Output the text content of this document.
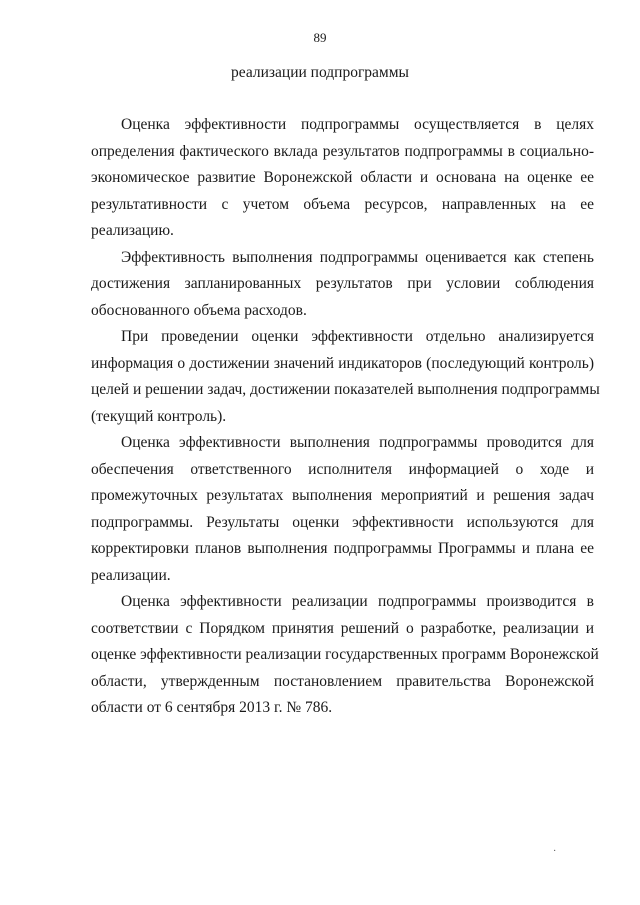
89
реализации подпрограммы

Оценка эффективности подпрограммы осуществляется в целях
определения фактического вклада результатов подпрограммы в социально-
экономическое развитие Воронежской области и основана на оценке ее
результативности с учетом объема ресурсов, направленных на ее
реализацию.

Эффективность выполнения подпрограммы оценивается как степень
достижения запланированных результатов при условии соблюдения
обоснованного объема расходов.

При проведении оценки эффективности отдельно анализируется
информация о достижении значений индикаторов (последующий контроль)
целей и решении задач, достижении показателей выполнения подпрограммы
(текущий контроль).

Оценка эффективности выполнения подпрограммы проводится для
обеспечения ответственного исполнителя информацией о ходе и
промежуточных результатах выполнения мероприятий и решения задач
подпрограммы. Результаты оценки эффективности используются для
корректировки планов выполнения подпрограммы Программы и плана ее
реализации.

Оценка эффективности реализации подпрограммы производится в
соответствии с Порядком принятия решений о разработке, реализации и
оценке эффективности реализации государственных программ Воронежской
области, утвержденным постановлением правительства Воронежской
области от 6 сентября 2013 г. № 786.

·
